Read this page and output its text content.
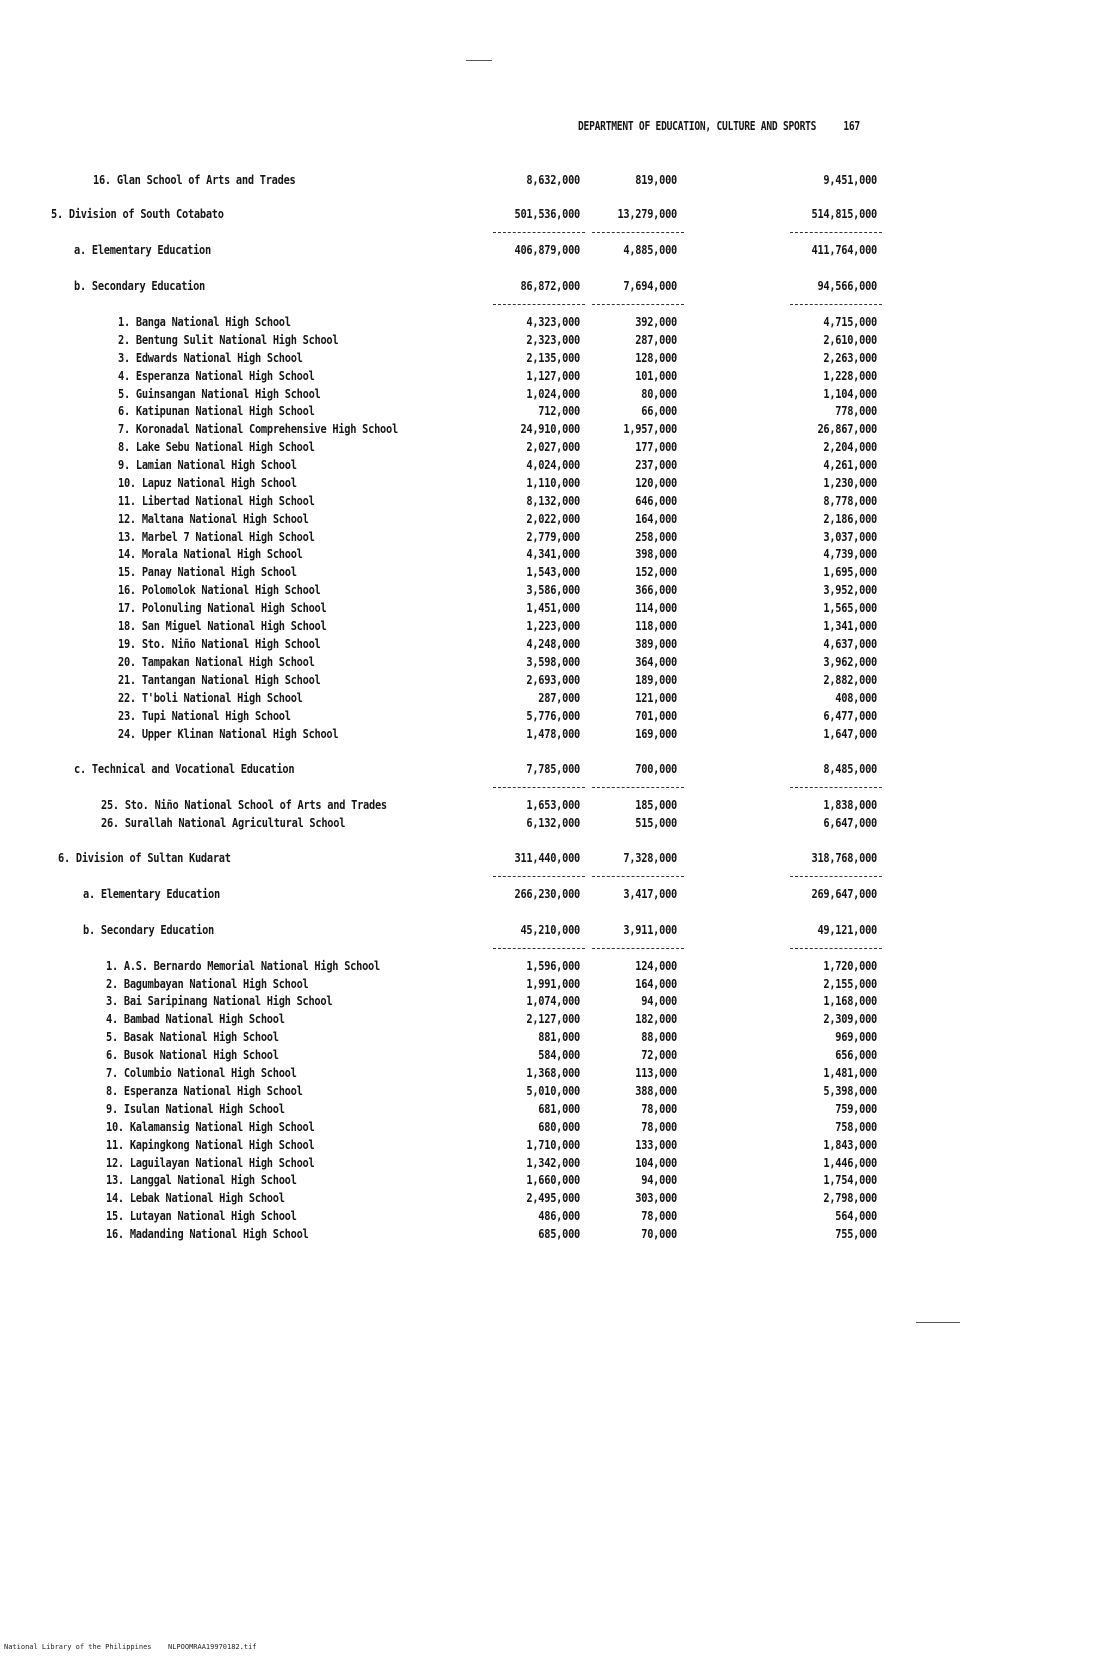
DEPARTMENT OF EDUCATION, CULTURE AND SPORTS 167
16. Glan School of Arts and Trades	8,632,000	819,000	9,451,000
5. Division of South Cotabato	501,536,000	13,279,000	514,815,000
a. Elementary Education	406,879,000	4,885,000	411,764,000
b. Secondary Education	86,872,000	7,694,000	94,566,000
1. Banga National High School	4,323,000	392,000	4,715,000
2. Bentung Sulit National High School	2,323,000	287,000	2,610,000
3. Edwards National High School	2,135,000	128,000	2,263,000
4. Esperanza National High School	1,127,000	101,000	1,228,000
5. Guinsangan National High School	1,024,000	80,000	1,104,000
6. Katipunan National High School	712,000	66,000	778,000
7. Koronadal National Comprehensive High School	24,910,000	1,957,000	26,867,000
8. Lake Sebu National High School	2,027,000	177,000	2,204,000
9. Lamian National High School	4,024,000	237,000	4,261,000
10. Lapuz National High School	1,110,000	120,000	1,230,000
11. Libertad National High School	8,132,000	646,000	8,778,000
12. Maltana National High School	2,022,000	164,000	2,186,000
13. Marbel 7 National High School	2,779,000	258,000	3,037,000
14. Morala National High School	4,341,000	398,000	4,739,000
15. Panay National High School	1,543,000	152,000	1,695,000
16. Polomolok National High School	3,586,000	366,000	3,952,000
17. Polonuling National High School	1,451,000	114,000	1,565,000
18. San Miguel National High School	1,223,000	118,000	1,341,000
19. Sto. Niño National High School	4,248,000	389,000	4,637,000
20. Tampakan National High School	3,598,000	364,000	3,962,000
21. Tantangan National High School	2,693,000	189,000	2,882,000
22. T'boli National High School	287,000	121,000	408,000
23. Tupi National High School	5,776,000	701,000	6,477,000
24. Upper Klinan National High School	1,478,000	169,000	1,647,000
c. Technical and Vocational Education	7,785,000	700,000	8,485,000
25. Sto. Niño National School of Arts and Trades	1,653,000	185,000	1,838,000
26. Surallah National Agricultural School	6,132,000	515,000	6,647,000
6. Division of Sultan Kudarat	311,440,000	7,328,000	318,768,000
a. Elementary Education	266,230,000	3,417,000	269,647,000
b. Secondary Education	45,210,000	3,911,000	49,121,000
1. A.S. Bernardo Memorial National High School	1,596,000	124,000	1,720,000
2. Bagumbayan National High School	1,991,000	164,000	2,155,000
3. Bai Saripinang National High School	1,074,000	94,000	1,168,000
4. Bambad National High School	2,127,000	182,000	2,309,000
5. Basak National High School	881,000	88,000	969,000
6. Busok National High School	584,000	72,000	656,000
7. Columbio National High School	1,368,000	113,000	1,481,000
8. Esperanza National High School	5,010,000	388,000	5,398,000
9. Isulan National High School	681,000	78,000	759,000
10. Kalamansig National High School	680,000	78,000	758,000
11. Kapingkong National High School	1,710,000	133,000	1,843,000
12. Laguilayan National High School	1,342,000	104,000	1,446,000
13. Langgal National High School	1,660,000	94,000	1,754,000
14. Lebak National High School	2,495,000	303,000	2,798,000
15. Lutayan National High School	486,000	78,000	564,000
16. Madanding National High School	685,000	70,000	755,000
National Library of the Philippines NLPOOMRAA19970182.tif
